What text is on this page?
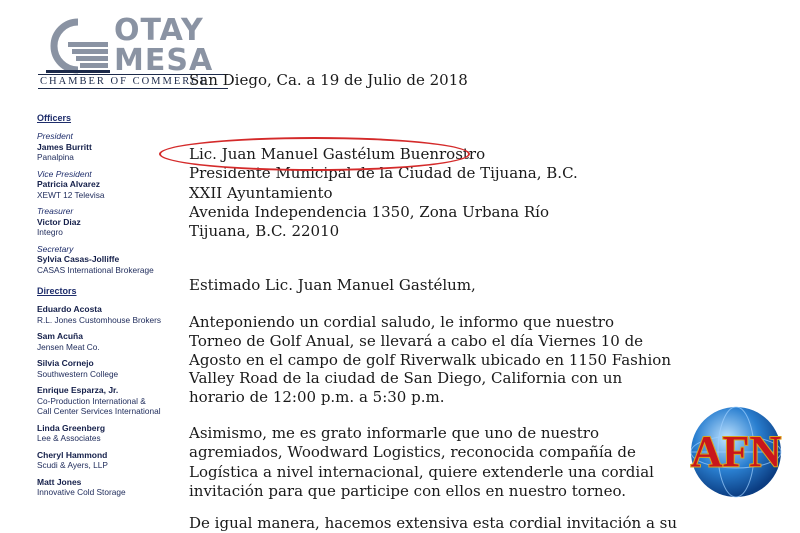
OTAY
MESA
CHAMBER OF COMMERCE
Officers
President
James Burritt
Panalpina
Vice President
Patricia Alvarez
XEWT 12 Televisa
Treasurer
Victor Diaz
Integro
Secretary
Sylvia Casas-Jolliffe
CASAS International Brokerage
Directors
Eduardo Acosta
R.L. Jones Customhouse Brokers
Sam Acuña
Jensen Meat Co.
Silvia Cornejo
Southwestern College
Enrique Esparza, Jr.
Co-Production International &
Call Center Services International
Linda Greenberg
Lee & Associates
Cheryl Hammond
Scudi & Ayers, LLP
Matt Jones
Innovative Cold Storage
San Diego, Ca. a 19 de Julio de 2018
Lic. Juan Manuel Gastélum Buenrostro
Presidente Municipal de la Ciudad de Tijuana, B.C.
XXII Ayuntamiento
Avenida Independencia 1350, Zona Urbana Río
Tijuana, B.C. 22010
Estimado Lic. Juan Manuel Gastélum,
Anteponiendo un cordial saludo, le informo que nuestro
Torneo de Golf Anual, se llevará a cabo el día Viernes 10 de
Agosto en el campo de golf Riverwalk ubicado en 1150 Fashion
Valley Road de la ciudad de San Diego, California con un
horario de 12:00 p.m. a 5:30 p.m.
Asimismo, me es grato informarle que uno de nuestro
agremiados, Woodward Logistics, reconocida compañía de
Logística a nivel internacional, quiere extenderle una cordial
invitación para que participe con ellos en nuestro torneo.
De igual manera, hacemos extensiva esta cordial invitación a su
AFN
